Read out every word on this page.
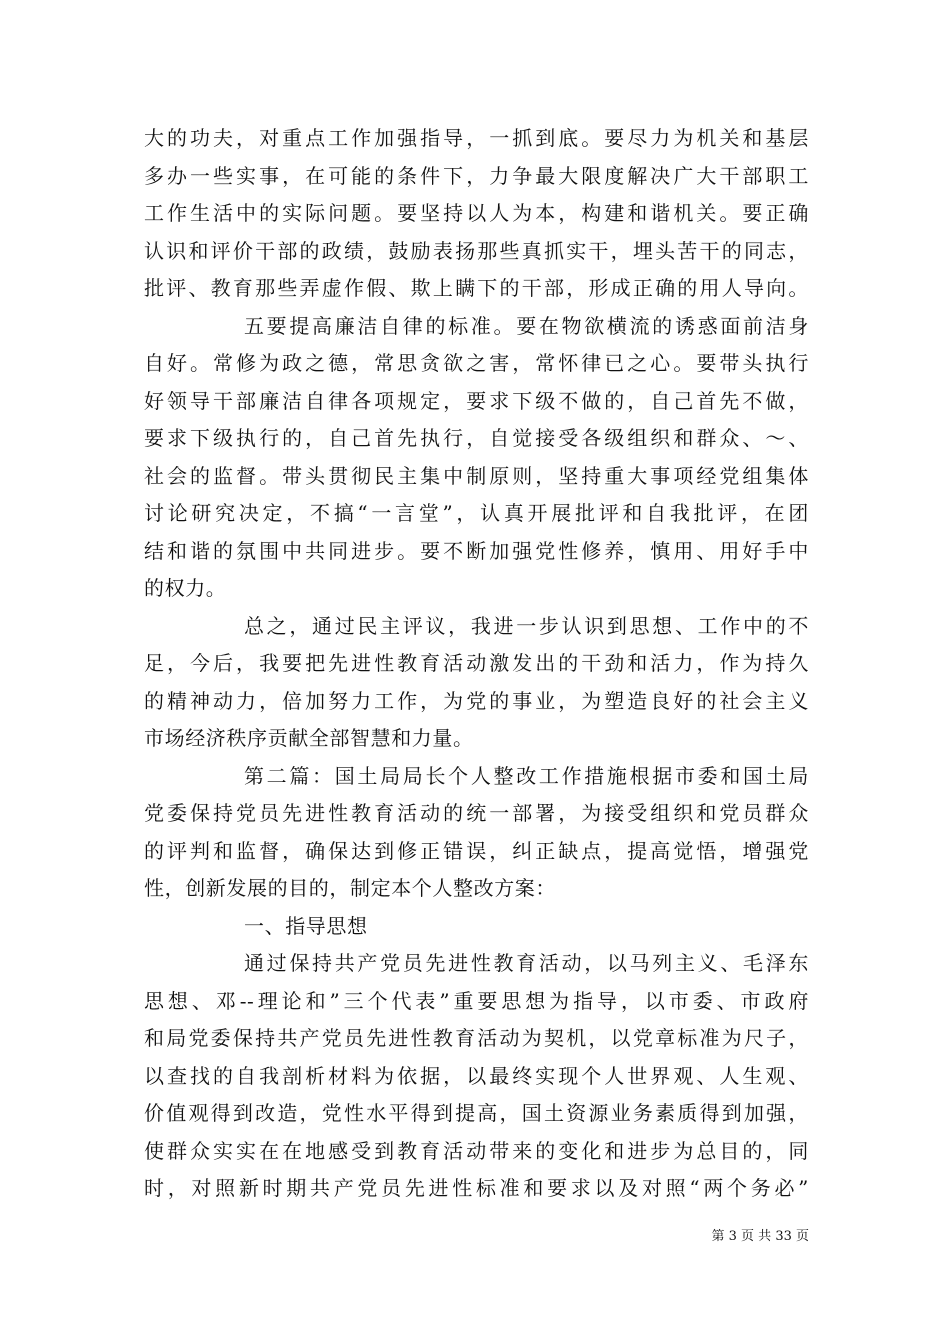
大的功夫，对重点工作加强指导，一抓到底。要尽力为机关和基层
多办一些实事，在可能的条件下，力争最大限度解决广大干部职工
工作生活中的实际问题。要坚持以人为本，构建和谐机关。要正确
认识和评价干部的政绩，鼓励表扬那些真抓实干，埋头苦干的同志，
批评、教育那些弄虚作假、欺上瞒下的干部，形成正确的用人导向。
五要提高廉洁自律的标准。要在物欲横流的诱惑面前洁身
自好。常修为政之德，常思贪欲之害，常怀律已之心。要带头执行
好领导干部廉洁自律各项规定，要求下级不做的，自己首先不做，
要求下级执行的，自己首先执行，自觉接受各级组织和群众、～、
社会的监督。带头贯彻民主集中制原则，坚持重大事项经党组集体
讨论研究决定，不搞“一言堂”，认真开展批评和自我批评，在团
结和谐的氛围中共同进步。要不断加强党性修养，慎用、用好手中
的权力。
总之，通过民主评议，我进一步认识到思想、工作中的不
足，今后，我要把先进性教育活动激发出的干劲和活力，作为持久
的精神动力，倍加努力工作，为党的事业，为塑造良好的社会主义
市场经济秩序贡献全部智慧和力量。
第二篇：国土局局长个人整改工作措施根据市委和国土局
党委保持党员先进性教育活动的统一部署，为接受组织和党员群众
的评判和监督，确保达到修正错误，纠正缺点，提高觉悟，增强党
性，创新发展的目的，制定本个人整改方案：
一、指导思想
通过保持共产党员先进性教育活动，以马列主义、毛泽东
思想、邓--理论和”三个代表”重要思想为指导，以市委、市政府
和局党委保持共产党员先进性教育活动为契机，以党章标准为尺子，
以查找的自我剖析材料为依据，以最终实现个人世界观、人生观、
价值观得到改造，党性水平得到提高，国土资源业务素质得到加强，
使群众实实在在地感受到教育活动带来的变化和进步为总目的，同
时，对照新时期共产党员先进性标准和要求以及对照“两个务必”
第 3 页 共 33 页
